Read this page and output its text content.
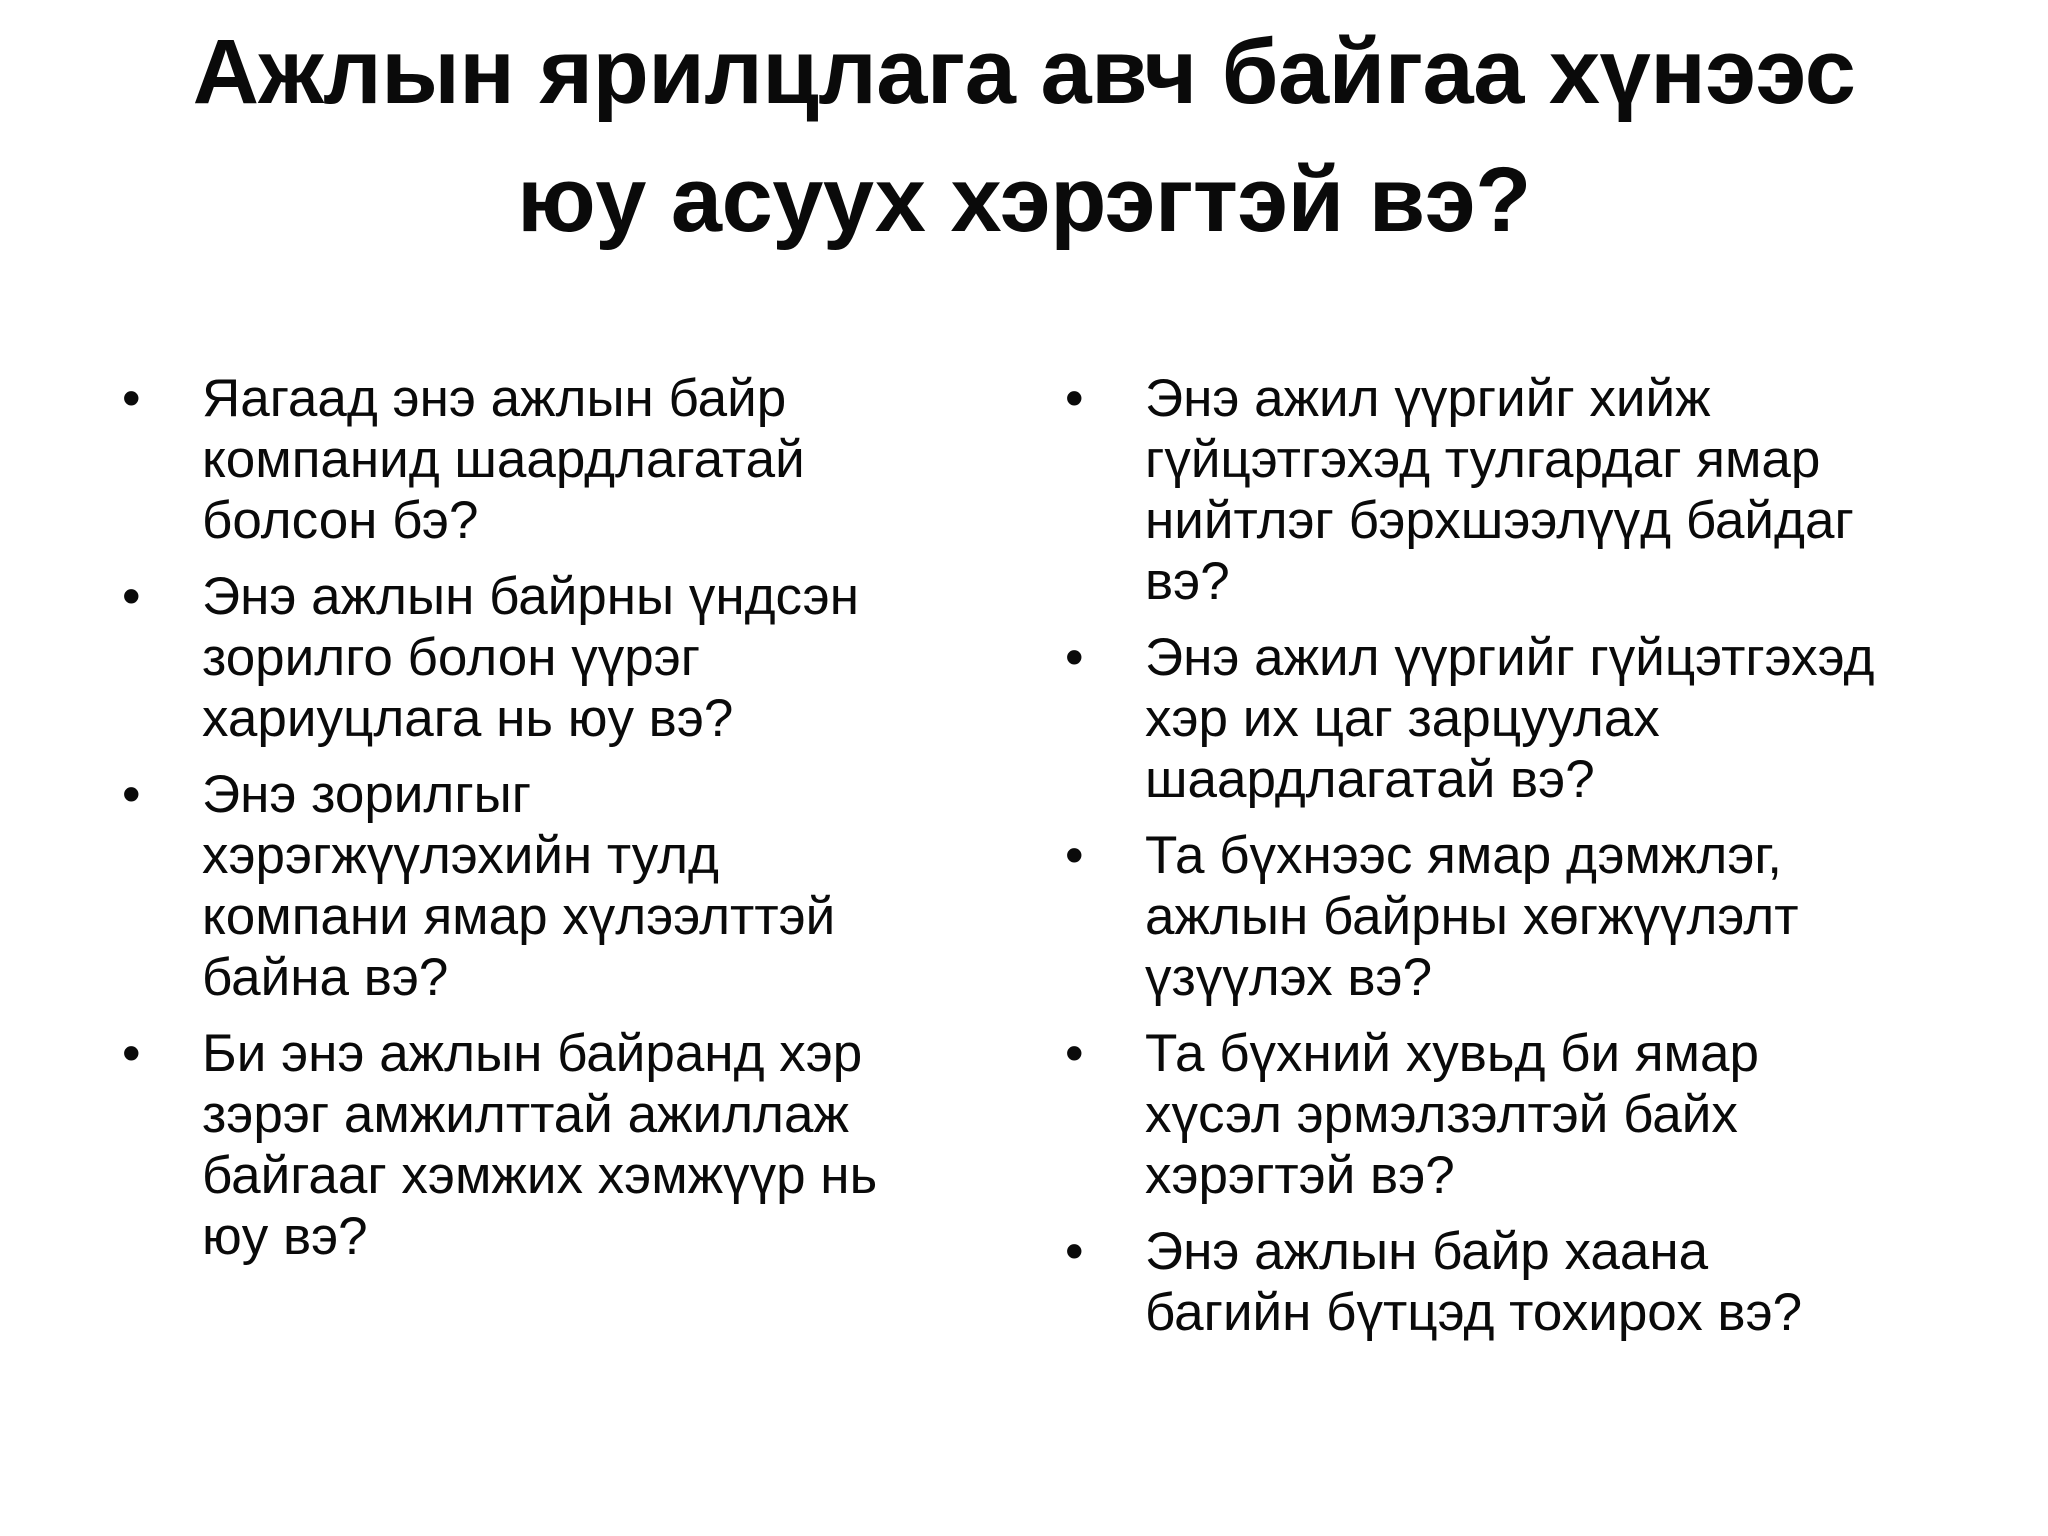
Ажлын ярилцлага авч байгаа хүнээс
юу асуух хэрэгтэй вэ?
• Яагаад энэ ажлын байр
компанид шаардлагатай
болсон бэ?
• Энэ ажлын байрны үндсэн
зорилго болон үүрэг
хариуцлага нь юу вэ?
• Энэ зорилгыг
хэрэгжүүлэхийн тулд
компани ямар хүлээлттэй
байна вэ?
• Би энэ ажлын байранд хэр
зэрэг амжилттай ажиллаж
байгааг хэмжих хэмжүүр нь
юу вэ?
• Энэ ажил үүргийг хийж
гүйцэтгэхэд тулгардаг ямар
нийтлэг бэрхшээлүүд байдаг
вэ?
• Энэ ажил үүргийг гүйцэтгэхэд
хэр их цаг зарцуулах
шаардлагатай вэ?
• Та бүхнээс ямар дэмжлэг,
ажлын байрны хөгжүүлэлт
үзүүлэх вэ?
• Та бүхний хувьд би ямар
хүсэл эрмэлзэлтэй байх
хэрэгтэй вэ?
• Энэ ажлын байр хаана
багийн бүтцэд тохирох вэ?
